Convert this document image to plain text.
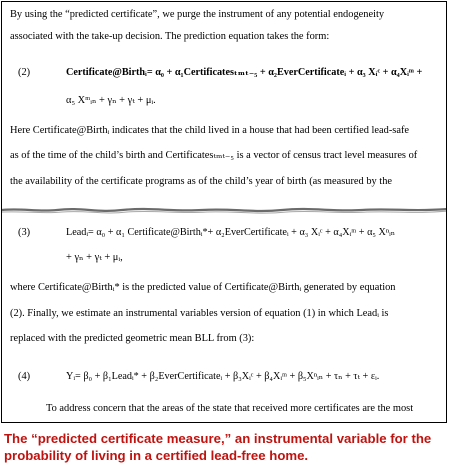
By using the “predicted certificate”, we purge the instrument of any potential endogeneity
associated with the take-up decision. The prediction equation takes the form:
(2)	Certificate@Birthᵢ= α₀ + α₁Certificatesₜₘₜ₋₅ + α₂EverCertificateᵢ + α₃ Xᵢᶜ + α₄Xᵢᵐ +
α₅ Xᵐᵢₙ + γₙ + γₜ + μᵢ.
Here Certificate@Birthᵢ indicates that the child lived in a house that had been certified lead-safe
as of the time of the child’s birth and Certificatesₜₘₜ₋₅ is a vector of census tract level measures of
the availability of the certificate programs as of the child’s year of birth (as measured by the
(3)	Leadᵢ= α₀ + α₁ Certificate@Birthᵢ*+ α₂EverCertificateᵢ + α₃ Xᵢᶜ + α₄Xᵢᵐ + α₅ Xⁿᵢₙ
+ γₙ + γₜ + μᵢ,
where Certificate@Birthᵢ* is the predicted value of Certificate@Birthᵢ generated by equation
(2). Finally, we estimate an instrumental variables version of equation (1) in which Leadᵢ is
replaced with the predicted geometric mean BLL from (3):
(4)	Yᵢ= β₀ + β₁Leadᵢ* + β₂EverCertificateᵢ + β₃Xᵢᶜ + β₄Xᵢᵐ + β₅Xⁿᵢₙ + τₙ + τₜ + εᵢ.
To address concern that the areas of the state that received more certificates are the most
The “predicted certificate measure,” an instrumental variable for the
probability of living in a certified lead-free home.
